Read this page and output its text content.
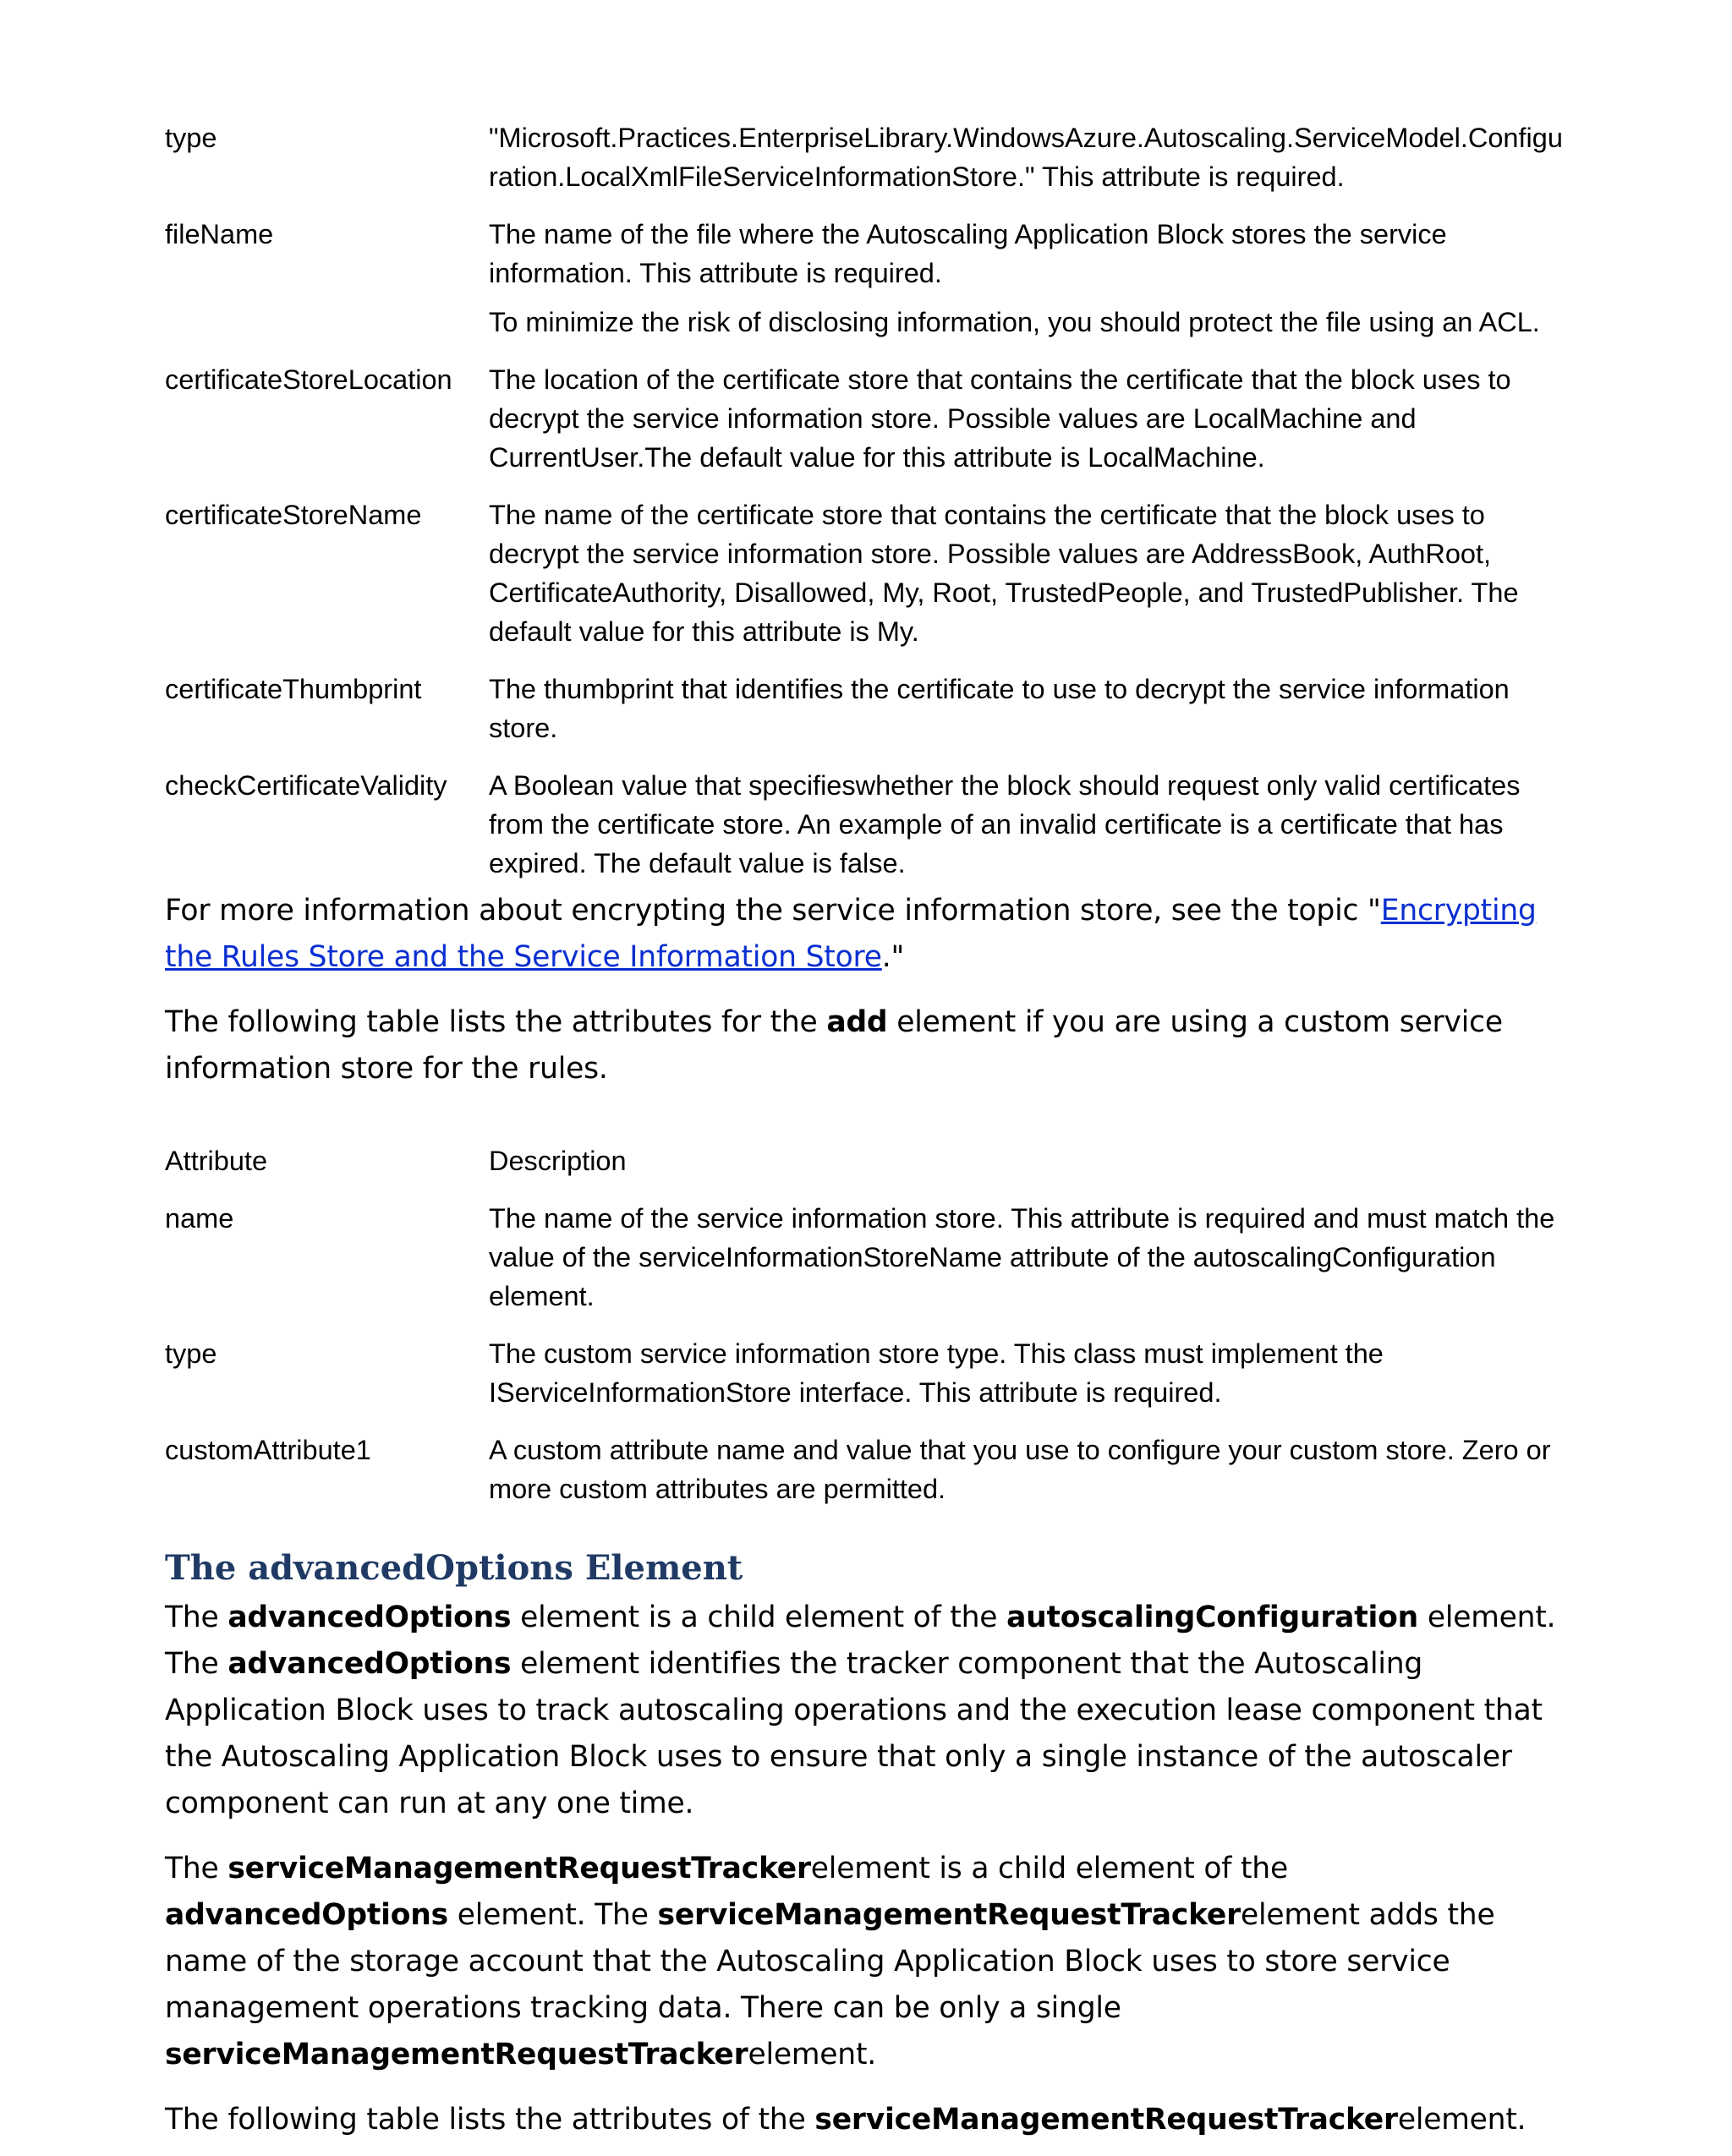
type	"Microsoft.Practices.EnterpriseLibrary.WindowsAzure.Autoscaling.ServiceModel.Configuration.LocalXmlFileServiceInformationStore." This attribute is required.

fileName	The name of the file where the Autoscaling Application Block stores the service information. This attribute is required.

To minimize the risk of disclosing information, you should protect the file using an ACL.

certificateStoreLocation	The location of the certificate store that contains the certificate that the block uses to decrypt the service information store. Possible values are LocalMachine and CurrentUser.The default value for this attribute is LocalMachine.

certificateStoreName	The name of the certificate store that contains the certificate that the block uses to decrypt the service information store. Possible values are AddressBook, AuthRoot, CertificateAuthority, Disallowed, My, Root, TrustedPeople, and TrustedPublisher. The default value for this attribute is My.

certificateThumbprint	The thumbprint that identifies the certificate to use to decrypt the service information store.

checkCertificateValidity	A Boolean value that specifieswhether the block should request only valid certificates from the certificate store. An example of an invalid certificate is a certificate that has expired. The default value is false.

For more information about encrypting the service information store, see the topic "Encrypting the Rules Store and the Service Information Store."

The following table lists the attributes for the add element if you are using a custom service information store for the rules.

Attribute	Description
name	The name of the service information store. This attribute is required and must match the value of the serviceInformationStoreName attribute of the autoscalingConfiguration element.
type	The custom service information store type. This class must implement the IServiceInformationStore interface. This attribute is required.
customAttribute1	A custom attribute name and value that you use to configure your custom store. Zero or more custom attributes are permitted.
The advancedOptions Element

The advancedOptions element is a child element of the autoscalingConfiguration element. The advancedOptions element identifies the tracker component that the Autoscaling Application Block uses to track autoscaling operations and the execution lease component that the Autoscaling Application Block uses to ensure that only a single instance of the autoscaler component can run at any one time.

The serviceManagementRequestTrackerelement is a child element of the advancedOptions element. The serviceManagementRequestTrackerelement adds the name of the storage account that the Autoscaling Application Block uses to store service management operations tracking data. There can be only a single serviceManagementRequestTrackerelement.

The following table lists the attributes of the serviceManagementRequestTrackerelement.
